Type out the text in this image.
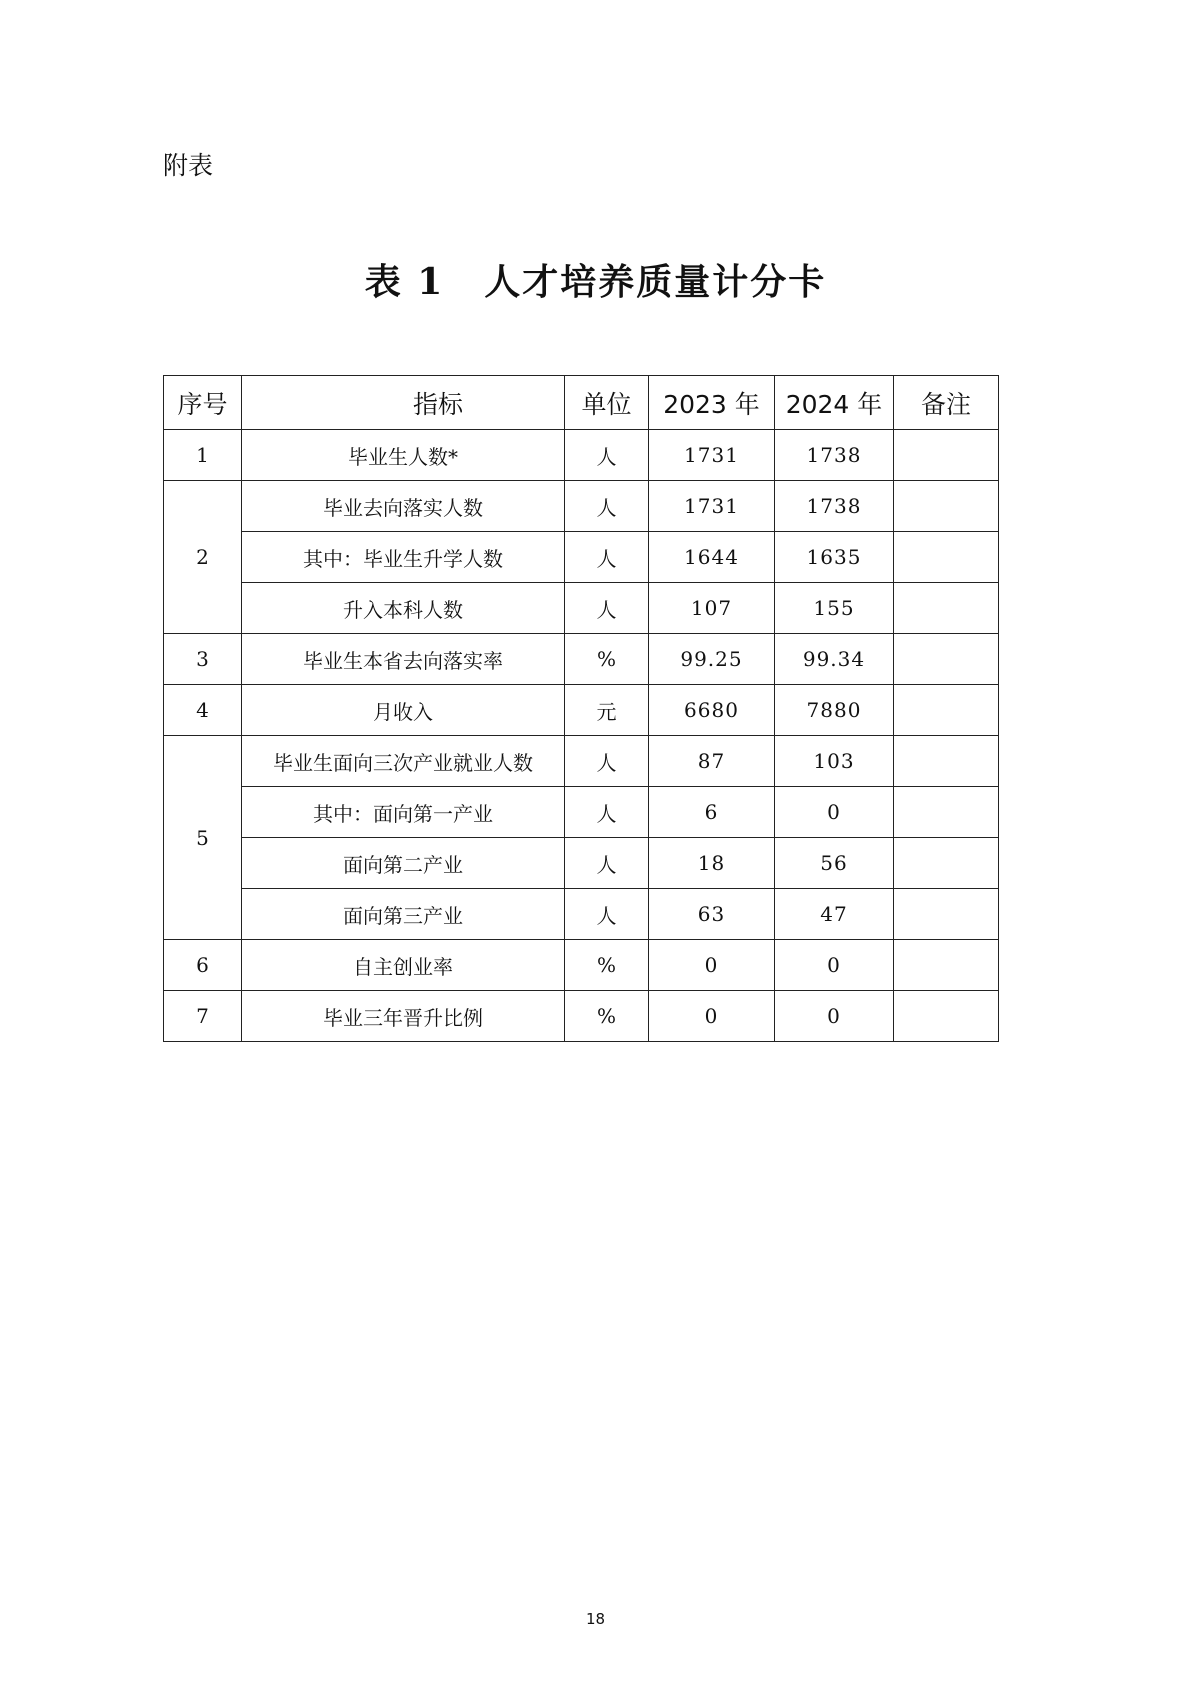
附表
表 1 人才培养质量计分卡
序号	指标	单位	2023 年	2024 年	备注
1	毕业生人数*	人	1731	1738	
2	毕业去向落实人数	人	1731	1738	
	其中：毕业生升学人数	人	1644	1635	
	升入本科人数	人	107	155	
3	毕业生本省去向落实率	%	99.25	99.34	
4	月收入	元	6680	7880	
5	毕业生面向三次产业就业人数	人	87	103	
	其中：面向第一产业	人	6	0	
	面向第二产业	人	18	56	
	面向第三产业	人	63	47	
6	自主创业率	%	0	0	
7	毕业三年晋升比例	%	0	0	
18
